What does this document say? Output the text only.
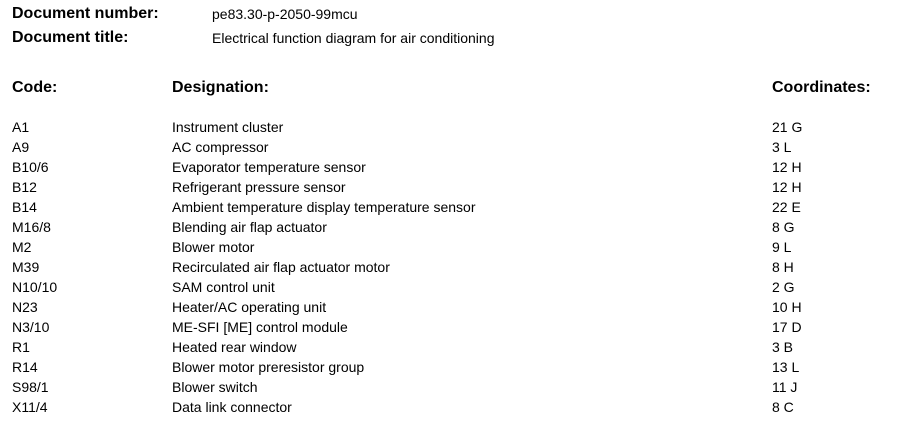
Document number:	pe83.30-p-2050-99mcu
Document title:	Electrical function diagram for air conditioning
Code:	Designation:	Coordinates:
A1	Instrument cluster	21 G
A9	AC compressor	3 L
B10/6	Evaporator temperature sensor	12 H
B12	Refrigerant pressure sensor	12 H
B14	Ambient temperature display temperature sensor	22 E
M16/8	Blending air flap actuator	8 G
M2	Blower motor	9 L
M39	Recirculated air flap actuator motor	8 H
N10/10	SAM control unit	2 G
N23	Heater/AC operating unit	10 H
N3/10	ME-SFI [ME] control module	17 D
R1	Heated rear window	3 B
R14	Blower motor preresistor group	13 L
S98/1	Blower switch	11 J
X11/4	Data link connector	8 C
